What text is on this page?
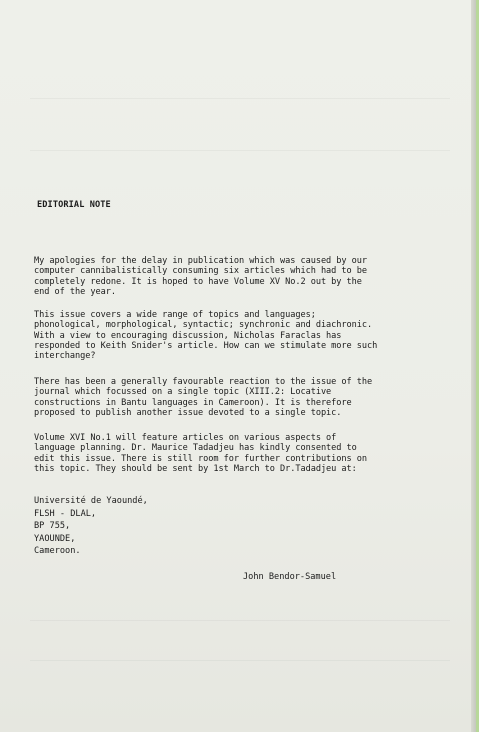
EDITORIAL NOTE

My apologies for the delay in publication which was caused by our
computer cannibalistically consuming six articles which had to be
completely redone. It is hoped to have Volume XV No.2 out by the
end of the year.

This issue covers a wide range of topics and languages;
phonological, morphological, syntactic; synchronic and diachronic.
With a view to encouraging discussion, Nicholas Faraclas has
responded to Keith Snider's article. How can we stimulate more such
interchange?

There has been a generally favourable reaction to the issue of the
journal which focussed on a single topic (XIII.2: Locative
constructions in Bantu languages in Cameroon). It is therefore
proposed to publish another issue devoted to a single topic.

Volume XVI No.1 will feature articles on various aspects of
language planning. Dr. Maurice Tadadjeu has kindly consented to
edit this issue. There is still room for further contributions on
this topic. They should be sent by 1st March to Dr.Tadadjeu at:

Université de Yaoundé,
FLSH - DLAL,
BP 755,
YAOUNDE,
Cameroon.
John Bendor-Samuel
